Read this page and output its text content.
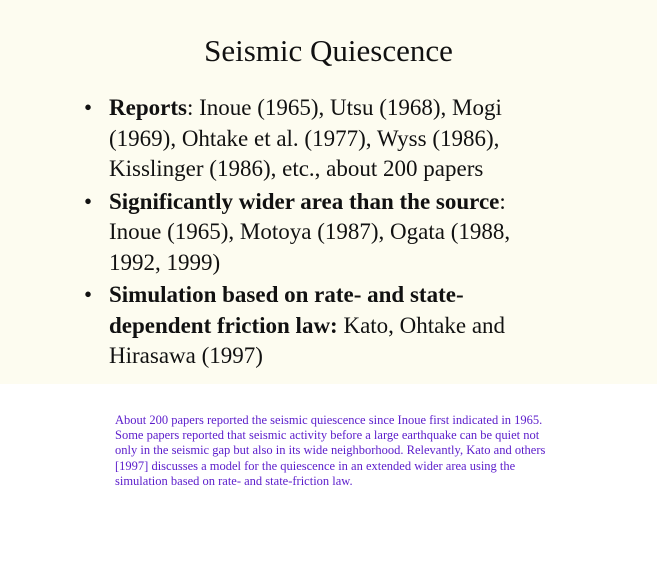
Seismic Quiescence
• Reports: Inoue (1965), Utsu (1968), Mogi (1969), Ohtake et al. (1977), Wyss (1986), Kisslinger (1986), etc., about 200 papers
• Significantly wider area than the source: Inoue (1965), Motoya (1987), Ogata (1988, 1992, 1999)
• Simulation based on rate- and state-dependent friction law: Kato, Ohtake and Hirasawa (1997)

About 200 papers reported the seismic quiescence since Inoue first indicated in 1965. Some papers reported that seismic activity before a large earthquake can be quiet not only in the seismic gap but also in its wide neighborhood. Relevantly, Kato and others [1997] discusses a model for the quiescence in an extended wider area using the simulation based on rate- and state-friction law.
